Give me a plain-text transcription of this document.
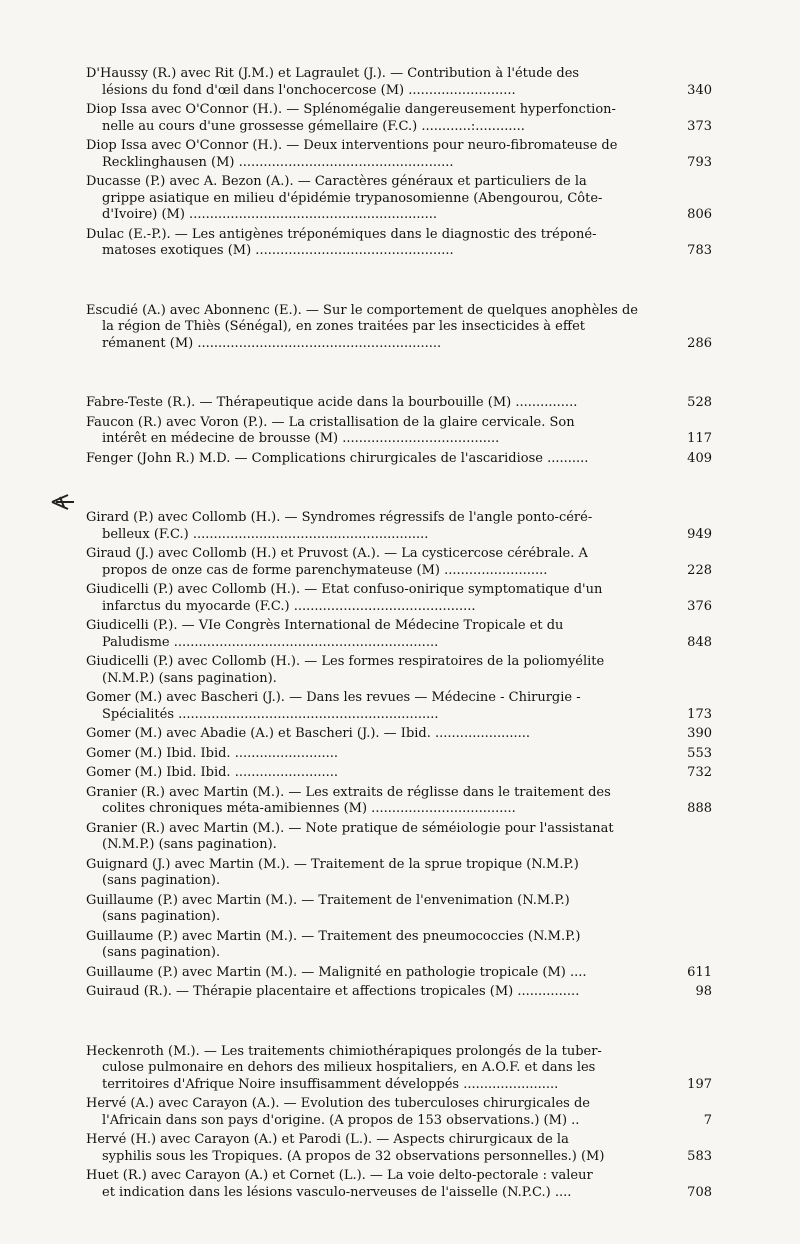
D'Haussy (R.) avec Rit (J.M.) et Lagraulet (J.). — Contribution à l'étude des
lésions du fond d'œil dans l'onchocercose (M) ..........................	340
Diop Issa avec O'Connor (H.). — Splénomégalie dangereusement hyperfonction-
nelle au cours d'une grossesse gémellaire (F.C.) ............:............	373
Diop Issa avec O'Connor (H.). — Deux interventions pour neuro-fibromateuse de
Recklinghausen (M) ....................................................	793
Ducasse (P.) avec A. Bezon (A.). — Caractères généraux et particuliers de la
grippe asiatique en milieu d'épidémie trypanosomienne (Abengourou, Côte-
d'Ivoire) (M) ............................................................	806
Dulac (E.-P.). — Les antigènes tréponémiques dans le diagnostic des tréponé-
matoses exotiques (M) ................................................	783
Escudié (A.) avec Abonnenc (E.). — Sur le comportement de quelques anophèles de
la région de Thiès (Sénégal), en zones traitées par les insecticides à effet
rémanent (M) ...........................................................	286
Fabre-Teste (R.). — Thérapeutique acide dans la bourbouille (M) ...............	528
Faucon (R.) avec Voron (P.). — La cristallisation de la glaire cervicale. Son
intérêt en médecine de brousse (M) ......................................	117
Fenger (John R.) M.D. — Complications chirurgicales de l'ascaridiose ..........	409
Girard (P.) avec Collomb (H.). — Syndromes régressifs de l'angle ponto-céré-
belleux (F.C.) .........................................................	949
Giraud (J.) avec Collomb (H.) et Pruvost (A.). — La cysticercose cérébrale. A
propos de onze cas de forme parenchymateuse (M) .........................	228
Giudicelli (P.) avec Collomb (H.). — Etat confuso-onirique symptomatique d'un
infarctus du myocarde (F.C.) ............................................	376
Giudicelli (P.). — VIe Congrès International de Médecine Tropicale et du
Paludisme ................................................................	848
Giudicelli (P.) avec Collomb (H.). — Les formes respiratoires de la poliomyélite
(N.M.P.) (sans pagination).
Gomer (M.) avec Bascheri (J.). — Dans les revues — Médecine - Chirurgie -
Spécialités ...............................................................	173
Gomer (M.) avec Abadie (A.) et Bascheri (J.). — Ibid. .......................	390
Gomer (M.) Ibid. Ibid. .........................	553
Gomer (M.) Ibid. Ibid. .........................	732
Granier (R.) avec Martin (M.). — Les extraits de réglisse dans le traitement des
colites chroniques méta-amibiennes (M) ...................................	888
Granier (R.) avec Martin (M.). — Note pratique de séméiologie pour l'assistanat
(N.M.P.) (sans pagination).
Guignard (J.) avec Martin (M.). — Traitement de la sprue tropique (N.M.P.)
(sans pagination).
Guillaume (P.) avec Martin (M.). — Traitement de l'envenimation (N.M.P.)
(sans pagination).
Guillaume (P.) avec Martin (M.). — Traitement des pneumococcies (N.M.P.)
(sans pagination).
Guillaume (P.) avec Martin (M.). — Malignité en pathologie tropicale (M) ....	611
Guiraud (R.). — Thérapie placentaire et affections tropicales (M) ...............	98
Heckenroth (M.). — Les traitements chimiothérapiques prolongés de la tuber-
culose pulmonaire en dehors des milieux hospitaliers, en A.O.F. et dans les
territoires d'Afrique Noire insuffisamment développés .......................	197
Hervé (A.) avec Carayon (A.). — Evolution des tuberculoses chirurgicales de
l'Africain dans son pays d'origine. (A propos de 153 observations.) (M) ..	7
Hervé (H.) avec Carayon (A.) et Parodi (L.). — Aspects chirurgicaux de la
syphilis sous les Tropiques. (A propos de 32 observations personnelles.) (M)	583
Huet (R.) avec Carayon (A.) et Cornet (L.). — La voie delto-pectorale : valeur
et indication dans les lésions vasculo-nerveuses de l'aisselle (N.P.C.) ....	708
